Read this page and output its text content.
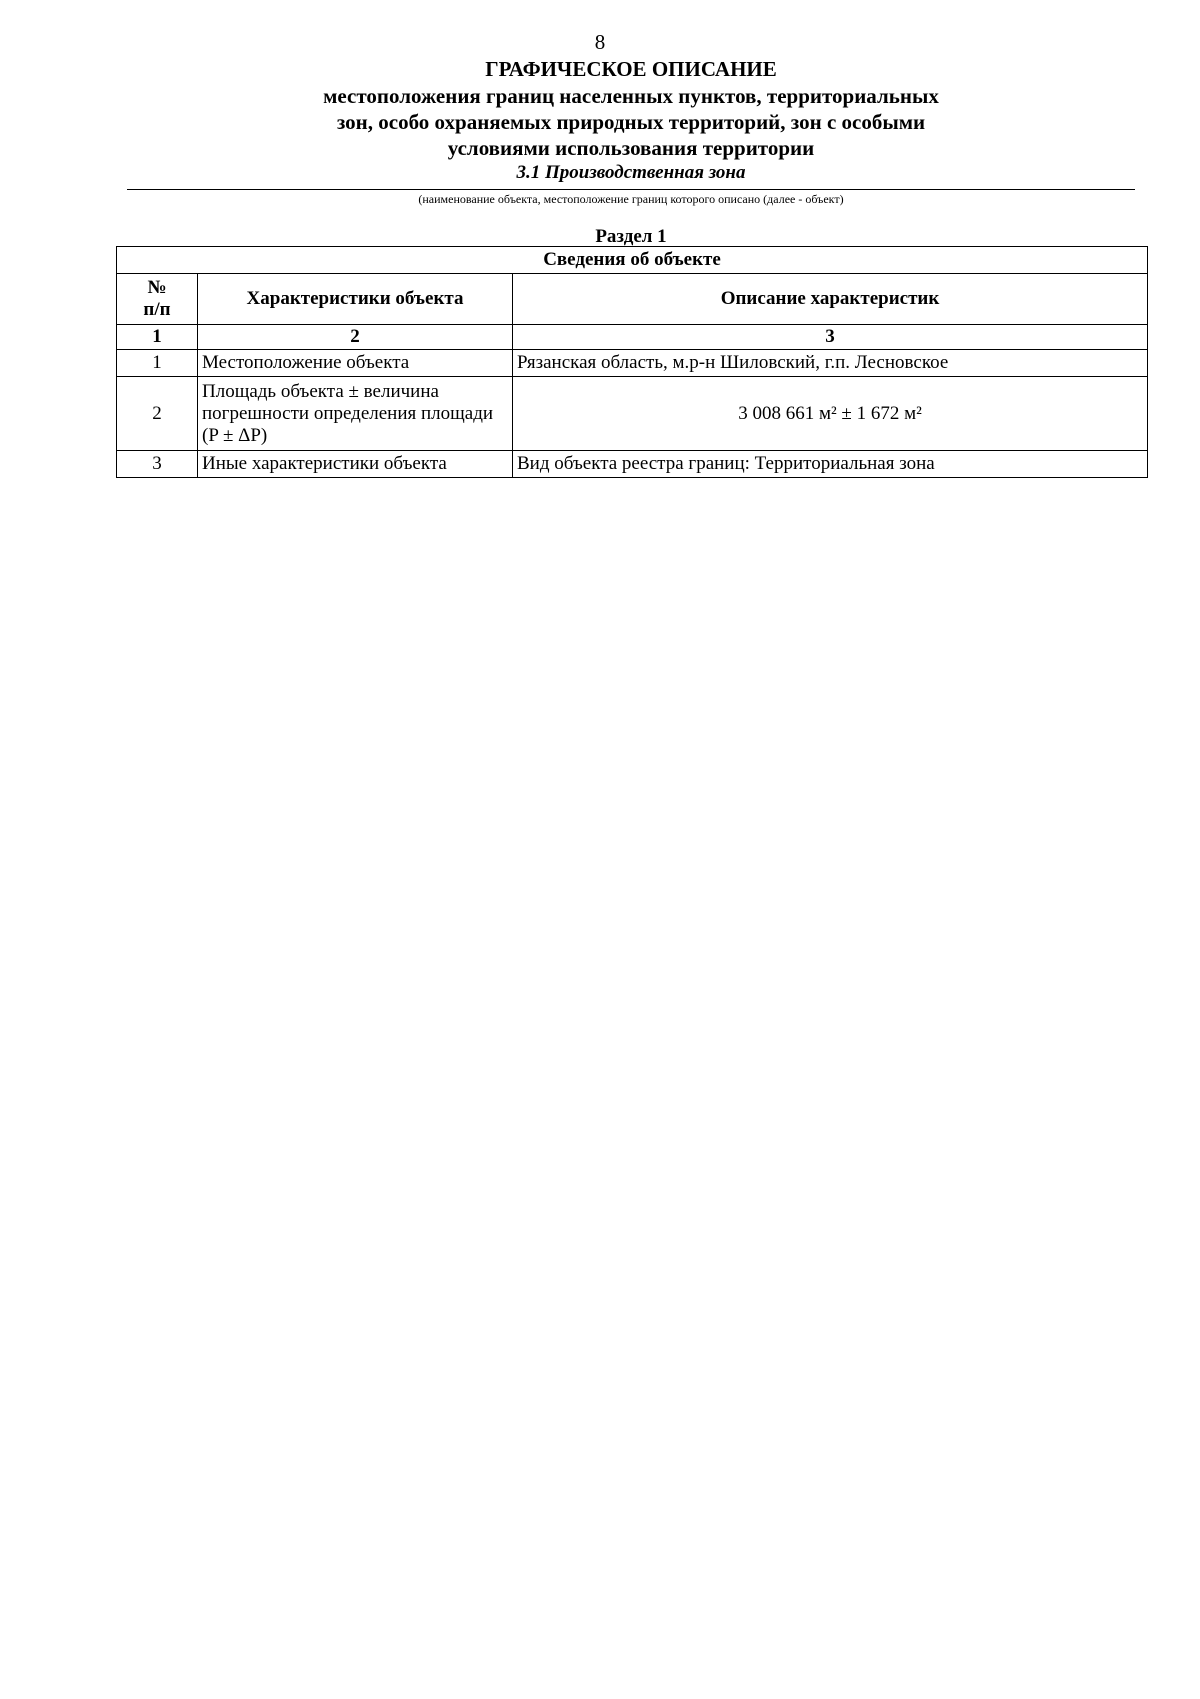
8
ГРАФИЧЕСКОЕ ОПИСАНИЕ
местоположения границ населенных пунктов, территориальных
зон, особо охраняемых природных территорий, зон с особыми
условиями использования территории
3.1 Производственная зона
(наименование объекта, местоположение границ которого описано (далее - объект)
Раздел 1
Сведения об объекте		
№
п/п	Характеристики объекта	Описание характеристик
1	2	3
1	Местоположение объекта	Рязанская область, м.р-н Шиловский, г.п. Лесновское
2	Площадь объекта ± величина
погрешности определения площади
(P ± ΔP)	3 008 661 м² ± 1 672 м²
3	Иные характеристики объекта	Вид объекта реестра границ: Территориальная зона
